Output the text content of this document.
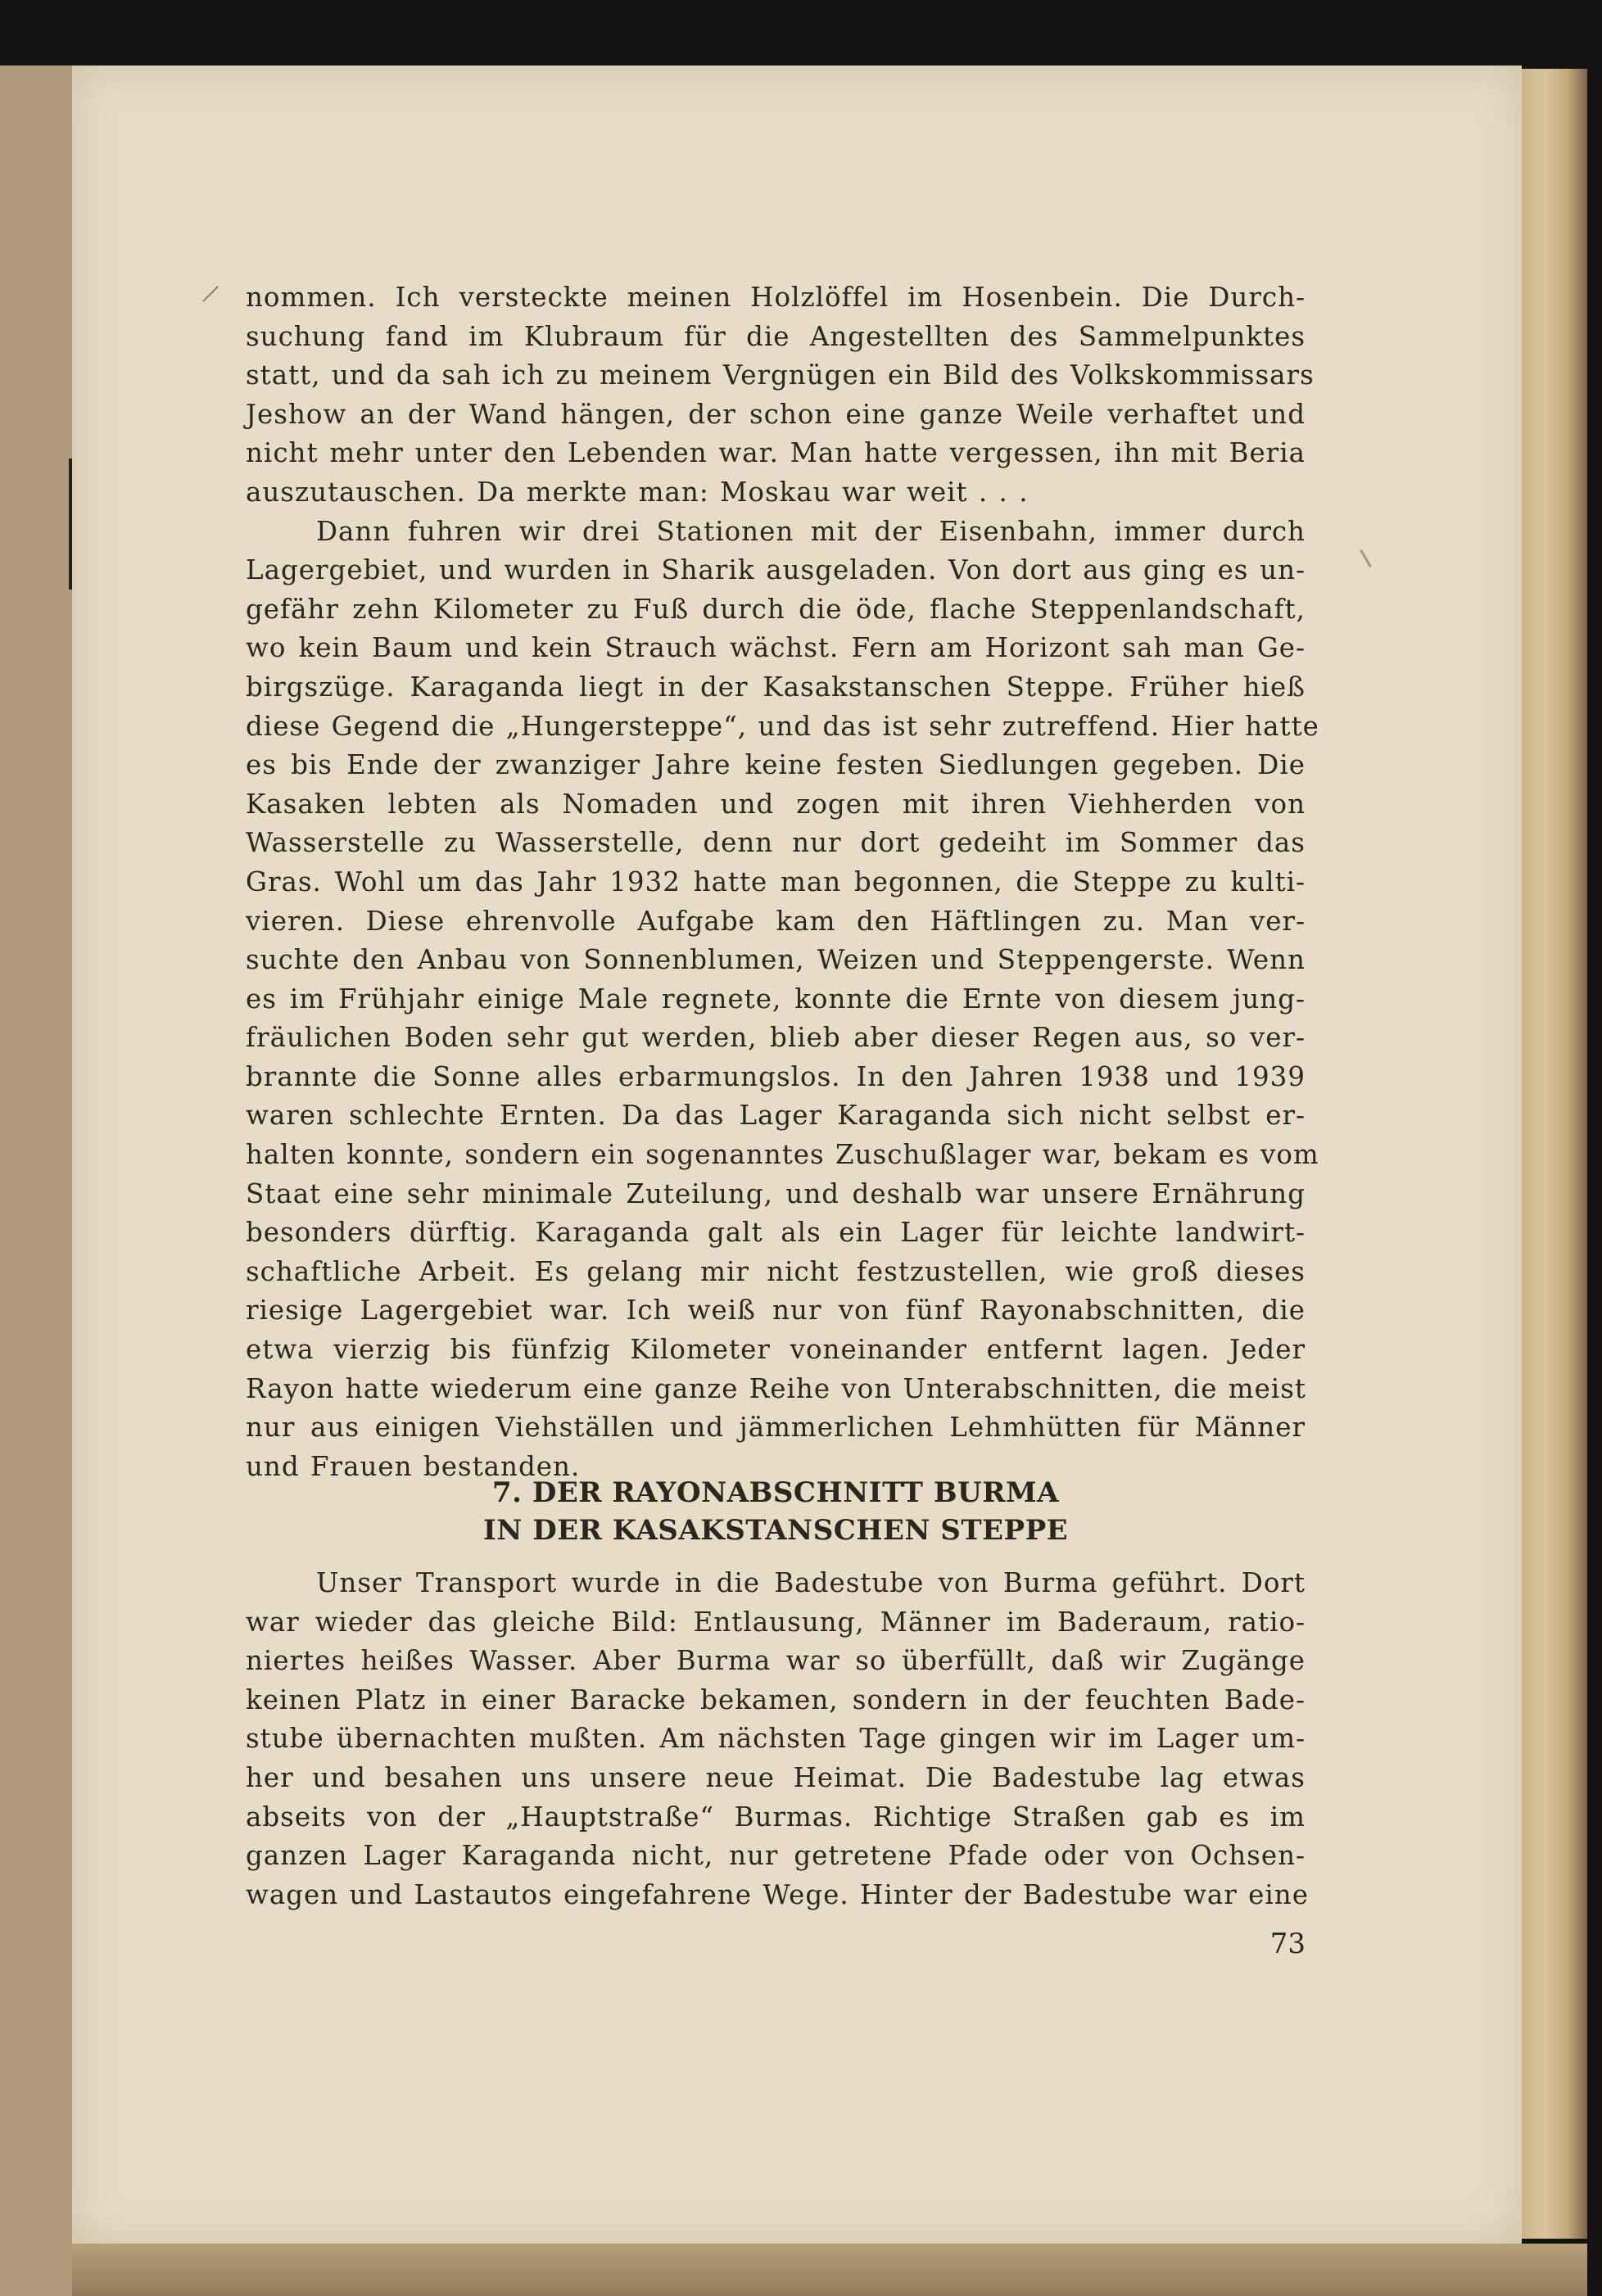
nommen. Ich versteckte meinen Holzlöffel im Hosenbein. Die Durch-
suchung fand im Klubraum für die Angestellten des Sammelpunktes
statt, und da sah ich zu meinem Vergnügen ein Bild des Volkskommissars
Jeshow an der Wand hängen, der schon eine ganze Weile verhaftet und
nicht mehr unter den Lebenden war. Man hatte vergessen, ihn mit Beria
auszutauschen. Da merkte man: Moskau war weit . . .
Dann fuhren wir drei Stationen mit der Eisenbahn, immer durch
Lagergebiet, und wurden in Sharik ausgeladen. Von dort aus ging es un-
gefähr zehn Kilometer zu Fuß durch die öde, flache Steppenlandschaft,
wo kein Baum und kein Strauch wächst. Fern am Horizont sah man Ge-
birgszüge. Karaganda liegt in der Kasakstanschen Steppe. Früher hieß
diese Gegend die „Hungersteppe“, und das ist sehr zutreffend. Hier hatte
es bis Ende der zwanziger Jahre keine festen Siedlungen gegeben. Die
Kasaken lebten als Nomaden und zogen mit ihren Viehherden von
Wasserstelle zu Wasserstelle, denn nur dort gedeiht im Sommer das
Gras. Wohl um das Jahr 1932 hatte man begonnen, die Steppe zu kulti-
vieren. Diese ehrenvolle Aufgabe kam den Häftlingen zu. Man ver-
suchte den Anbau von Sonnenblumen, Weizen und Steppengerste. Wenn
es im Frühjahr einige Male regnete, konnte die Ernte von diesem jung-
fräulichen Boden sehr gut werden, blieb aber dieser Regen aus, so ver-
brannte die Sonne alles erbarmungslos. In den Jahren 1938 und 1939
waren schlechte Ernten. Da das Lager Karaganda sich nicht selbst er-
halten konnte, sondern ein sogenanntes Zuschußlager war, bekam es vom
Staat eine sehr minimale Zuteilung, und deshalb war unsere Ernährung
besonders dürftig. Karaganda galt als ein Lager für leichte landwirt-
schaftliche Arbeit. Es gelang mir nicht festzustellen, wie groß dieses
riesige Lagergebiet war. Ich weiß nur von fünf Rayonabschnitten, die
etwa vierzig bis fünfzig Kilometer voneinander entfernt lagen. Jeder
Rayon hatte wiederum eine ganze Reihe von Unterabschnitten, die meist
nur aus einigen Viehställen und jämmerlichen Lehmhütten für Männer
und Frauen bestanden.
7. DER RAYONABSCHNITT BURMA
IN DER KASAKSTANSCHEN STEPPE
Unser Transport wurde in die Badestube von Burma geführt. Dort
war wieder das gleiche Bild: Entlausung, Männer im Baderaum, ratio-
niertes heißes Wasser. Aber Burma war so überfüllt, daß wir Zugänge
keinen Platz in einer Baracke bekamen, sondern in der feuchten Bade-
stube übernachten mußten. Am nächsten Tage gingen wir im Lager um-
her und besahen uns unsere neue Heimat. Die Badestube lag etwas
abseits von der „Hauptstraße“ Burmas. Richtige Straßen gab es im
ganzen Lager Karaganda nicht, nur getretene Pfade oder von Ochsen-
wagen und Lastautos eingefahrene Wege. Hinter der Badestube war eine
73
